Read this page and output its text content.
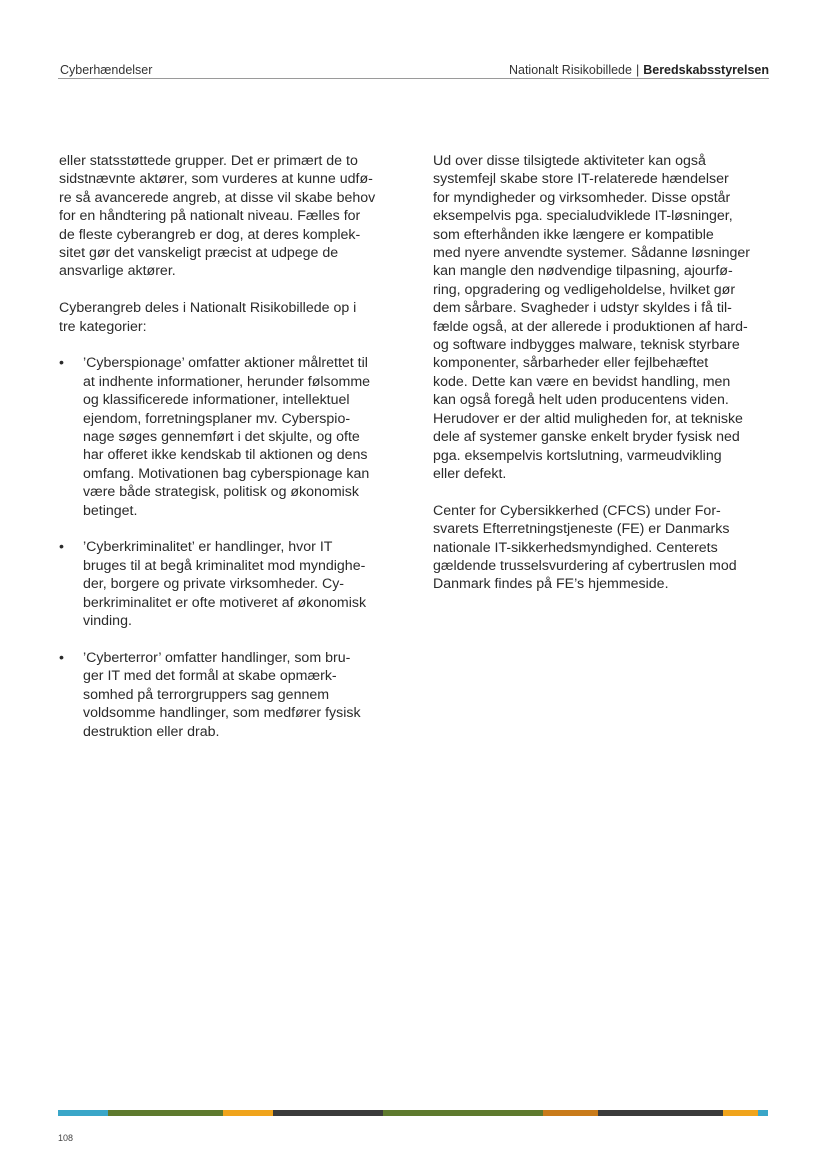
Cyberhændelser	Nationalt Risikobillede | Beredskabsstyrelsen
eller statsstøttede grupper. Det er primært de to
sidstnævnte aktører, som vurderes at kunne udfø-
re så avancerede angreb, at disse vil skabe behov
for en håndtering på nationalt niveau. Fælles for
de fleste cyberangreb er dog, at deres komplek-
sitet gør det vanskeligt præcist at udpege de
ansvarlige aktører.
Cyberangreb deles i Nationalt Risikobillede op i
tre kategorier:
• ’Cyberspionage’ omfatter aktioner målrettet til
at indhente informationer, herunder følsomme
og klassificerede informationer, intellektuel
ejendom, forretningsplaner mv. Cyberspio-
nage søges gennemført i det skjulte, og ofte
har offeret ikke kendskab til aktionen og dens
omfang. Motivationen bag cyberspionage kan
være både strategisk, politisk og økonomisk
betinget.
• ’Cyberkriminalitet’ er handlinger, hvor IT
bruges til at begå kriminalitet mod myndighe-
der, borgere og private virksomheder. Cy-
berkriminalitet er ofte motiveret af økonomisk
vinding.
• ’Cyberterror’ omfatter handlinger, som bru-
ger IT med det formål at skabe opmærk-
somhed på terrorgruppers sag gennem
voldsomme handlinger, som medfører fysisk
destruktion eller drab.
Ud over disse tilsigtede aktiviteter kan også
systemfejl skabe store IT-relaterede hændelser
for myndigheder og virksomheder. Disse opstår
eksempelvis pga. specialudviklede IT-løsninger,
som efterhånden ikke længere er kompatible
med nyere anvendte systemer. Sådanne løsninger
kan mangle den nødvendige tilpasning, ajourfø-
ring, opgradering og vedligeholdelse, hvilket gør
dem sårbare. Svagheder i udstyr skyldes i få til-
fælde også, at der allerede i produktionen af hard-
og software indbygges malware, teknisk styrbare
komponenter, sårbarheder eller fejlbehæftet
kode. Dette kan være en bevidst handling, men
kan også foregå helt uden producentens viden.
Herudover er der altid muligheden for, at tekniske
dele af systemer ganske enkelt bryder fysisk ned
pga. eksempelvis kortslutning, varmeudvikling
eller defekt.
Center for Cybersikkerhed (CFCS) under For-
svarets Efterretningstjeneste (FE) er Danmarks
nationale IT-sikkerhedsmyndighed. Centerets
gældende trusselsvurdering af cybertruslen mod
Danmark findes på FE’s hjemmeside.
108
